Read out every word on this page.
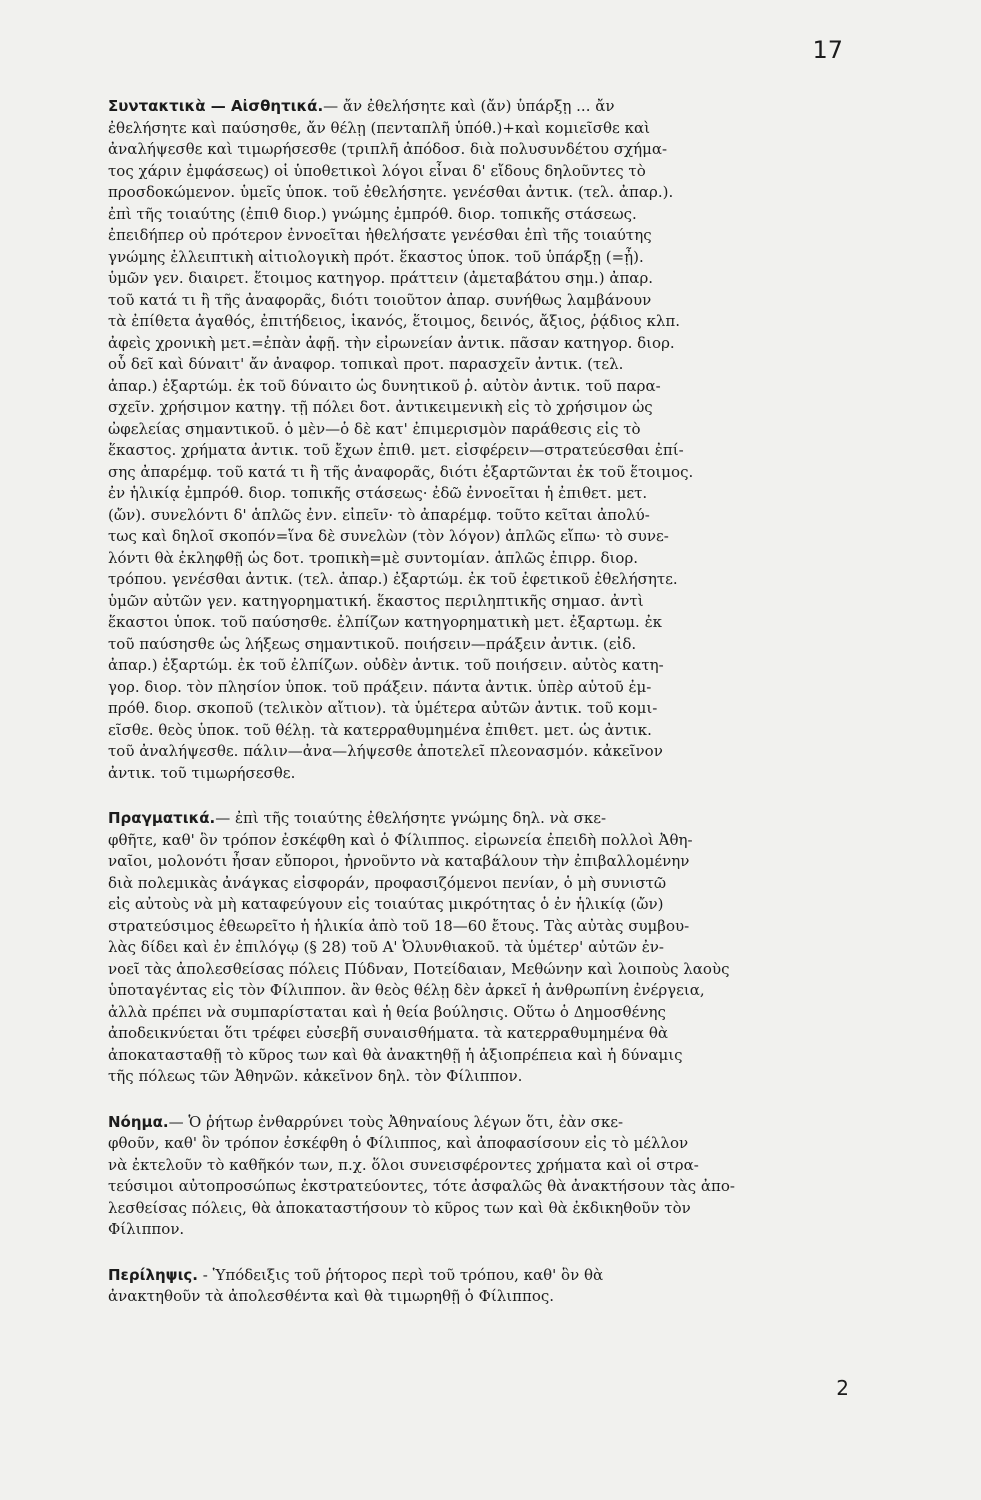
17
Συντακτικὰ — Αἰσθητικά.— ἄν ἐθελήσητε καὶ (ἄν) ὑπάρξῃ ... ἄν
ἐθελήσητε καὶ παύσησθε, ἄν θέλῃ (πενταπλῆ ὑπόθ.)+καὶ κομιεῖσθε καὶ
ἀναλήψεσθε καὶ τιμωρήσεσθε (τριπλῆ ἀπόδοσ. διὰ πολυσυνδέτου σχήμα-
τος χάριν ἐμφάσεως) οἱ ὑποθετικοὶ λόγοι εἶναι δ' εἴδους δηλοῦντες τὸ
προσδοκώμενον. ὑμεῖς ὑποκ. τοῦ ἐθελήσητε. γενέσθαι ἀντικ. (τελ. ἀπαρ.).
ἐπὶ τῆς τοιαύτης (ἐπιθ διορ.) γνώμης ἐμπρόθ. διορ. τοπικῆς στάσεως.
ἐπειδήπερ οὐ πρότερον ἐννοεῖται ἠθελήσατε γενέσθαι ἐπὶ τῆς τοιαύτης
γνώμης ἐλλειπτικὴ αἰτιολογικὴ πρότ. ἕκαστος ὑποκ. τοῦ ὑπάρξῃ (=ᾖ).
ὑμῶν γεν. διαιρετ. ἕτοιμος κατηγορ. πράττειν (ἀμεταβάτου σημ.) ἀπαρ.
τοῦ κατά τι ἢ τῆς ἀναφορᾶς, διότι τοιοῦτον ἀπαρ. συνήθως λαμβάνουν
τὰ ἐπίθετα ἀγαθός, ἐπιτήδειος, ἱκανός, ἕτοιμος, δεινός, ἄξιος, ῥᾴδιος κλπ.
ἀφεὶς χρονικὴ μετ.=ἐπὰν ἀφῇ. τὴν εἰρωνείαν ἀντικ. πᾶσαν κατηγορ. διορ.
οὗ δεῖ καὶ δύναιτ' ἄν ἀναφορ. τοπικαὶ προτ. παρασχεῖν ἀντικ. (τελ.
ἀπαρ.) ἐξαρτώμ. ἐκ τοῦ δύναιτο ὡς δυνητικοῦ ῥ. αὐτὸν ἀντικ. τοῦ παρα-
σχεῖν. χρήσιμον κατηγ. τῇ πόλει δοτ. ἀντικειμενικὴ εἰς τὸ χρήσιμον ὡς
ὠφελείας σημαντικοῦ. ὁ μὲν—ὁ δὲ κατ' ἐπιμερισμὸν παράθεσις εἰς τὸ
ἕκαστος. χρήματα ἀντικ. τοῦ ἔχων ἐπιθ. μετ. εἰσφέρειν—στρατεύεσθαι ἐπί-
σης ἀπαρέμφ. τοῦ κατά τι ἢ τῆς ἀναφορᾶς, διότι ἐξαρτῶνται ἐκ τοῦ ἕτοιμος.
ἐν ἡλικίᾳ ἐμπρόθ. διορ. τοπικῆς στάσεως· ἐδῶ ἐννοεῖται ἡ ἐπιθετ. μετ.
(ὤν). συνελόντι δ' ἁπλῶς ἐνν. εἰπεῖν· τὸ ἀπαρέμφ. τοῦτο κεῖται ἀπολύ-
τως καὶ δηλοῖ σκοπόν=ἵνα δὲ συνελὼν (τὸν λόγον) ἁπλῶς εἴπω· τὸ συνε-
λόντι θὰ ἐκληφθῇ ὡς δοτ. τροπικὴ=μὲ συντομίαν. ἁπλῶς ἐπιρρ. διορ.
τρόπου. γενέσθαι ἀντικ. (τελ. ἀπαρ.) ἐξαρτώμ. ἐκ τοῦ ἐφετικοῦ ἐθελήσητε.
ὑμῶν αὐτῶν γεν. κατηγορηματική. ἕκαστος περιληπτικῆς σημασ. ἀντὶ
ἕκαστοι ὑποκ. τοῦ παύσησθε. ἐλπίζων κατηγορηματικὴ μετ. ἐξαρτωμ. ἐκ
τοῦ παύσησθε ὡς λήξεως σημαντικοῦ. ποιήσειν—πράξειν ἀντικ. (εἰδ.
ἀπαρ.) ἐξαρτώμ. ἐκ τοῦ ἐλπίζων. οὐδὲν ἀντικ. τοῦ ποιήσειν. αὐτὸς κατη-
γορ. διορ. τὸν πλησίον ὑποκ. τοῦ πράξειν. πάντα ἀντικ. ὑπὲρ αὑτοῦ ἐμ-
πρόθ. διορ. σκοποῦ (τελικὸν αἴτιον). τὰ ὑμέτερα αὐτῶν ἀντικ. τοῦ κομι-
εῖσθε. θεὸς ὑποκ. τοῦ θέλῃ. τὰ κατερραθυμημένα ἐπιθετ. μετ. ὡς ἀντικ.
τοῦ ἀναλήψεσθε. πάλιν—ἀνα—λήψεσθε ἀποτελεῖ πλεονασμόν. κἀκεῖνον
ἀντικ. τοῦ τιμωρήσεσθε.
Πραγματικά.— ἐπὶ τῆς τοιαύτης ἐθελήσητε γνώμης δηλ. νὰ σκε-
φθῆτε, καθ' ὃν τρόπον ἐσκέφθη καὶ ὁ Φίλιππος. εἰρωνεία ἐπειδὴ πολλοὶ Ἀθη-
ναῖοι, μολονότι ἦσαν εὔποροι, ἠρνοῦντο νὰ καταβάλουν τὴν ἐπιβαλλομένην
διὰ πολεμικὰς ἀνάγκας εἰσφοράν, προφασιζόμενοι πενίαν, ὁ μὴ συνιστῶ
εἰς αὐτοὺς νὰ μὴ καταφεύγουν εἰς τοιαύτας μικρότητας ὁ ἐν ἡλικίᾳ (ὤν)
στρατεύσιμος ἐθεωρεῖτο ἡ ἡλικία ἀπὸ τοῦ 18—60 ἔτους. Τὰς αὐτὰς συμβου-
λὰς δίδει καὶ ἐν ἐπιλόγῳ (§ 28) τοῦ Α' Ὀλυνθιακοῦ. τὰ ὑμέτερ' αὐτῶν ἐν-
νοεῖ τὰς ἀπολεσθείσας πόλεις Πύδναν, Ποτείδαιαν, Μεθώνην καὶ λοιποὺς λαοὺς
ὑποταγέντας εἰς τὸν Φίλιππον. ἂν θεὸς θέλῃ δὲν ἀρκεῖ ἡ ἀνθρωπίνη ἐνέργεια,
ἀλλὰ πρέπει νὰ συμπαρίσταται καὶ ἡ θεία βούλησις. Οὕτω ὁ Δημοσθένης
ἀποδεικνύεται ὅτι τρέφει εὐσεβῆ συναισθήματα. τὰ κατερραθυμημένα θὰ
ἀποκατασταθῇ τὸ κῦρος των καὶ θὰ ἀνακτηθῇ ἡ ἀξιοπρέπεια καὶ ἡ δύναμις
τῆς πόλεως τῶν Ἀθηνῶν. κἀκεῖνον δηλ. τὸν Φίλιππον.
Νόημα.— Ὁ ῥήτωρ ἐνθαρρύνει τοὺς Ἀθηναίους λέγων ὅτι, ἐὰν σκε-
φθοῦν, καθ' ὃν τρόπον ἐσκέφθη ὁ Φίλιππος, καὶ ἀποφασίσουν εἰς τὸ μέλλον
νὰ ἐκτελοῦν τὸ καθῆκόν των, π.χ. ὅλοι συνεισφέροντες χρήματα καὶ οἱ στρα-
τεύσιμοι αὐτοπροσώπως ἐκστρατεύοντες, τότε ἀσφαλῶς θὰ ἀνακτήσουν τὰς ἀπο-
λεσθείσας πόλεις, θὰ ἀποκαταστήσουν τὸ κῦρος των καὶ θὰ ἐκδικηθοῦν τὸν
Φίλιππον.
Περίληψις. - Ὑπόδειξις τοῦ ῥήτορος περὶ τοῦ τρόπου, καθ' ὃν θὰ
ἀνακτηθοῦν τὰ ἀπολεσθέντα καὶ θὰ τιμωρηθῇ ὁ Φίλιππος.
2
